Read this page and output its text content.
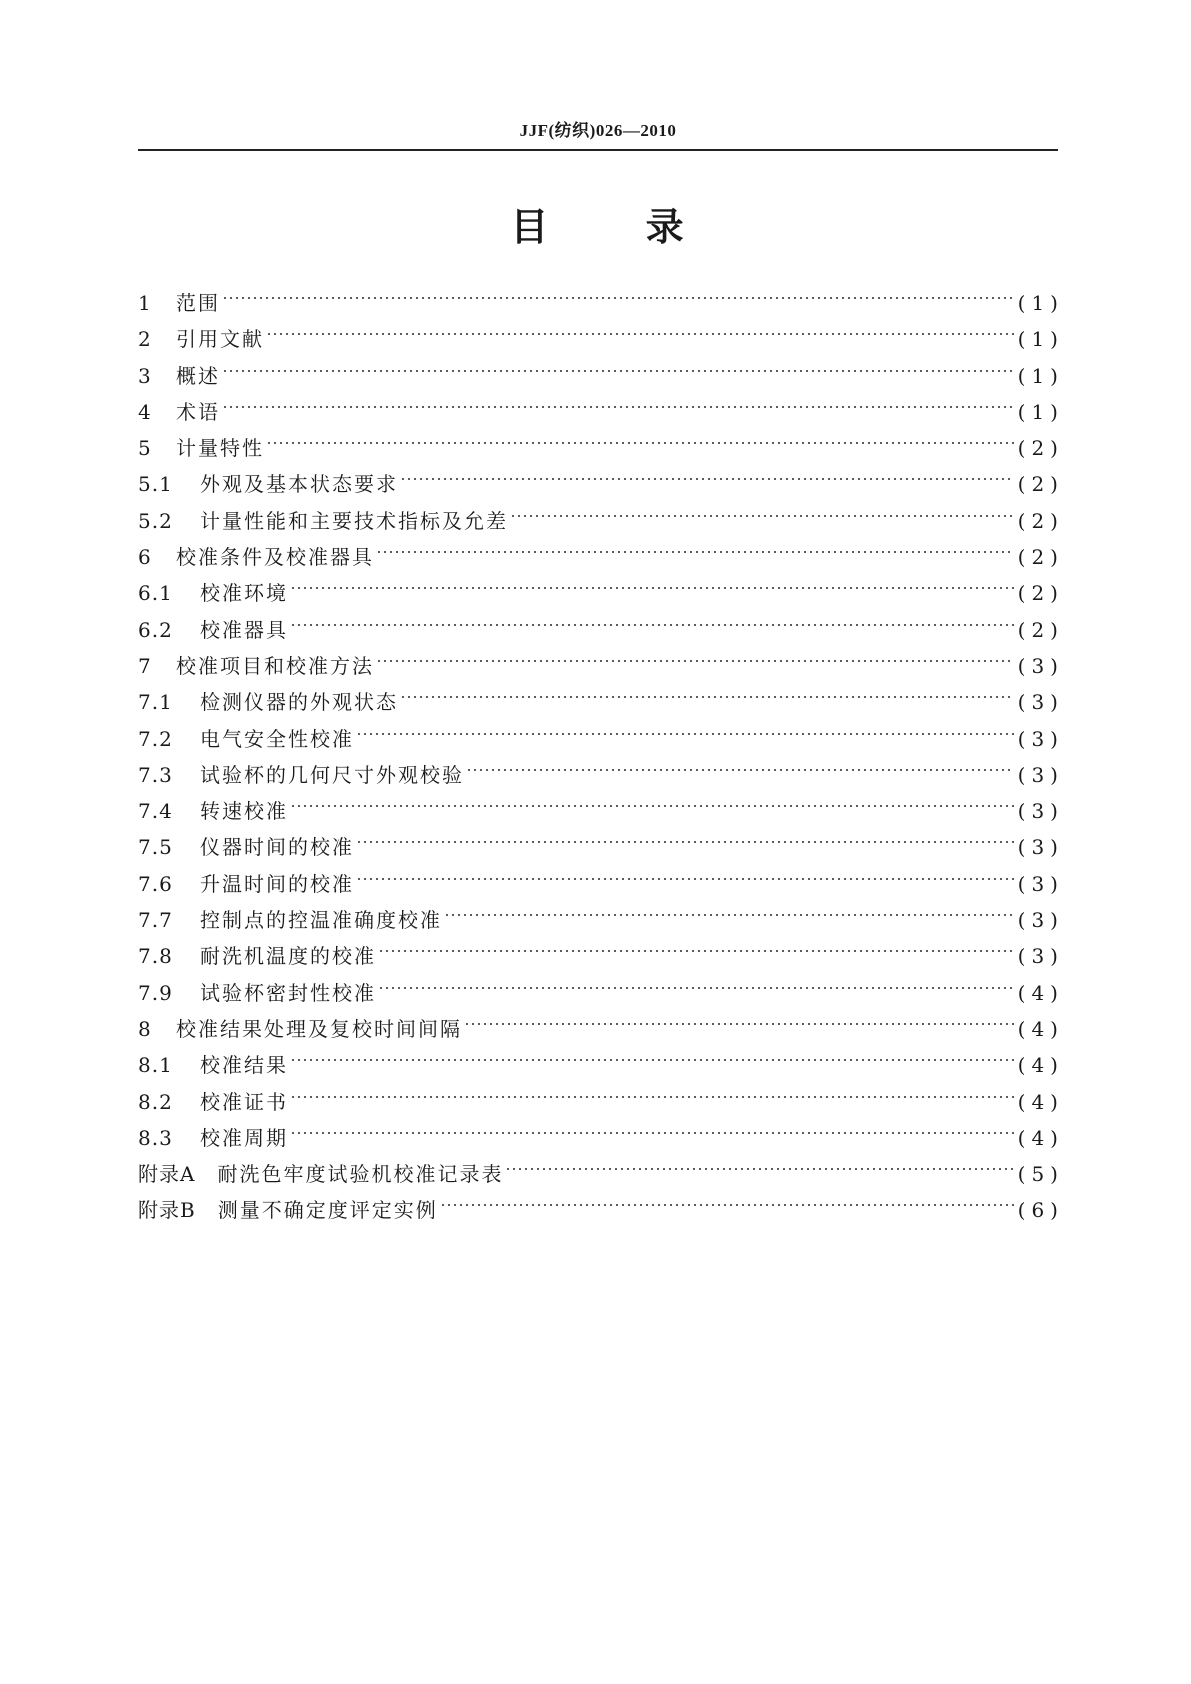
JJF(纺织)026—2010
目 录
1	范围	(1)
2	引用文献	(1)
3	概述	(1)
4	术语	(1)
5	计量特性	(2)
5.1	外观及基本状态要求	(2)
5.2	计量性能和主要技术指标及允差	(2)
6	校准条件及校准器具	(2)
6.1	校准环境	(2)
6.2	校准器具	(2)
7	校准项目和校准方法	(3)
7.1	检测仪器的外观状态	(3)
7.2	电气安全性校准	(3)
7.3	试验杯的几何尺寸外观校验	(3)
7.4	转速校准	(3)
7.5	仪器时间的校准	(3)
7.6	升温时间的校准	(3)
7.7	控制点的控温准确度校准	(3)
7.8	耐洗机温度的校准	(3)
7.9	试验杯密封性校准	(4)
8	校准结果处理及复校时间间隔	(4)
8.1	校准结果	(4)
8.2	校准证书	(4)
8.3	校准周期	(4)
附录A 耐洗色牢度试验机校准记录表	(5)
附录B 测量不确定度评定实例	(6)
